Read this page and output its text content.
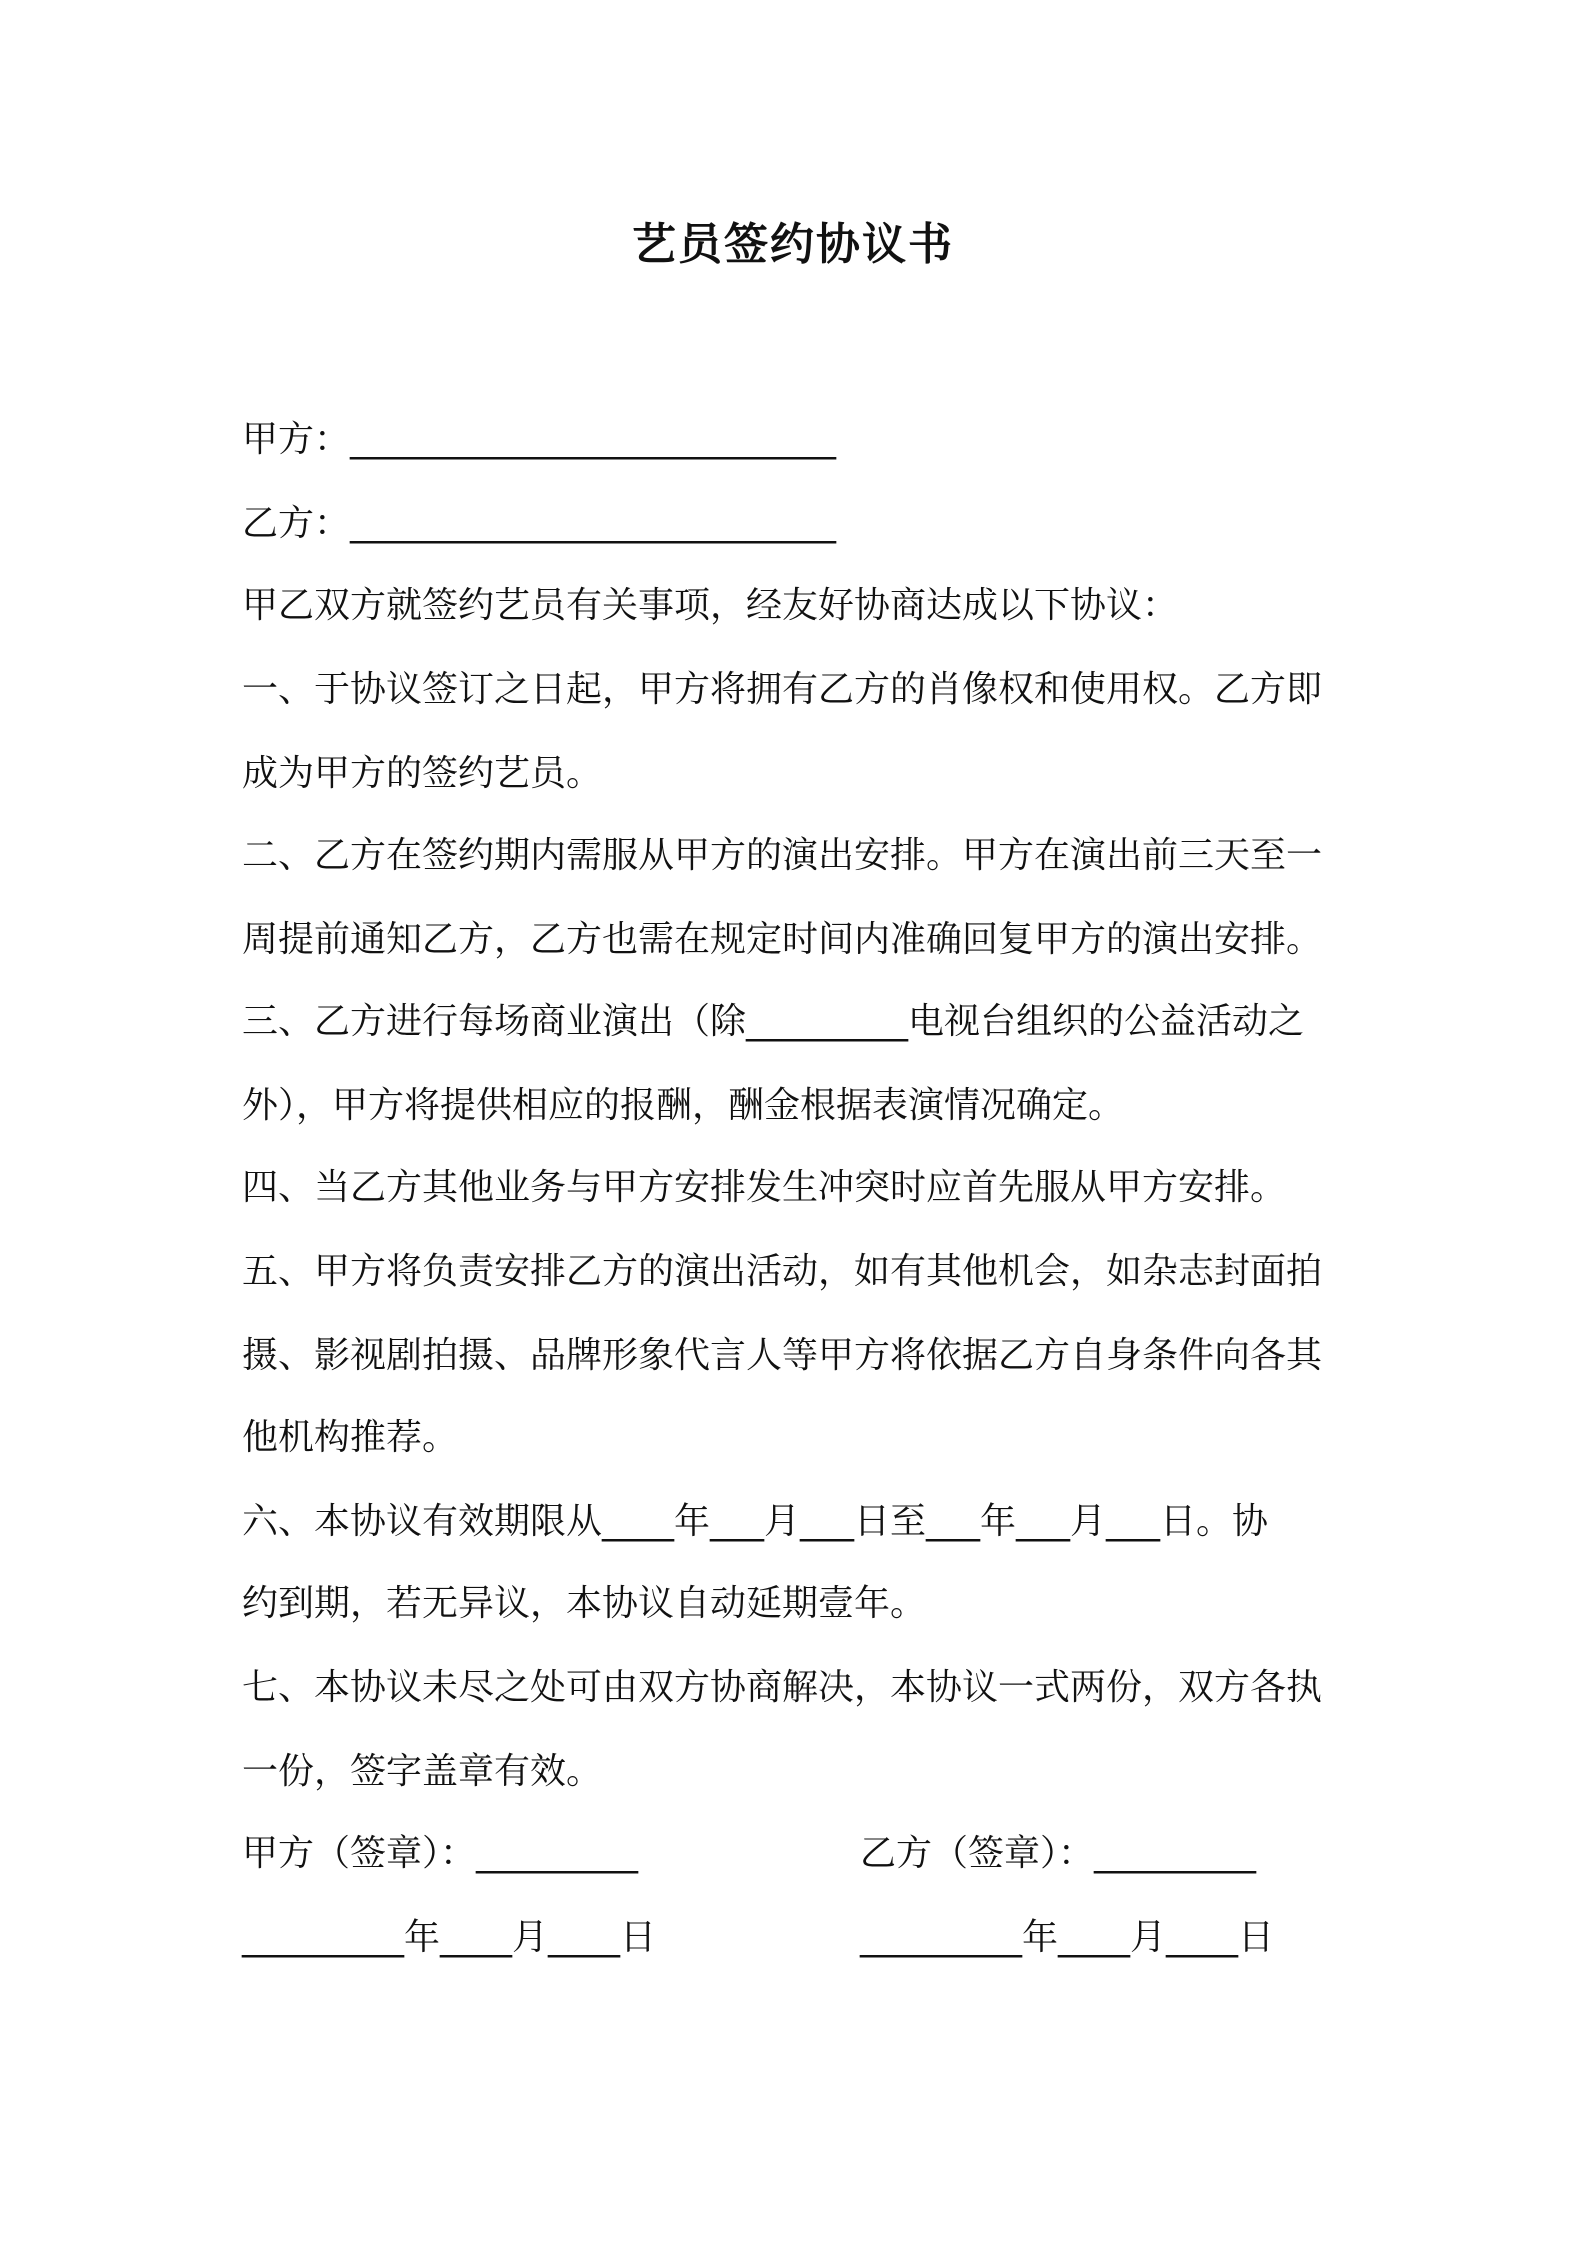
艺员签约协议书
甲方：___________________________
乙方：___________________________
甲乙双方就签约艺员有关事项，经友好协商达成以下协议：
一、于协议签订之日起，甲方将拥有乙方的肖像权和使用权。乙方即
成为甲方的签约艺员。
二、乙方在签约期内需服从甲方的演出安排。甲方在演出前三天至一
周提前通知乙方，乙方也需在规定时间内准确回复甲方的演出安排。
三、乙方进行每场商业演出（除_________电视台组织的公益活动之
外），甲方将提供相应的报酬，酬金根据表演情况确定。
四、当乙方其他业务与甲方安排发生冲突时应首先服从甲方安排。
五、甲方将负责安排乙方的演出活动，如有其他机会，如杂志封面拍
摄、影视剧拍摄、品牌形象代言人等甲方将依据乙方自身条件向各其
他机构推荐。
六、本协议有效期限从____年___月___日至___年___月___日。协
约到期，若无异议，本协议自动延期壹年。
七、本协议未尽之处可由双方协商解决，本协议一式两份，双方各执
一份，签字盖章有效。
甲方（签章）：_________	乙方（签章）：_________
_________年____月____日	_________年____月____日
